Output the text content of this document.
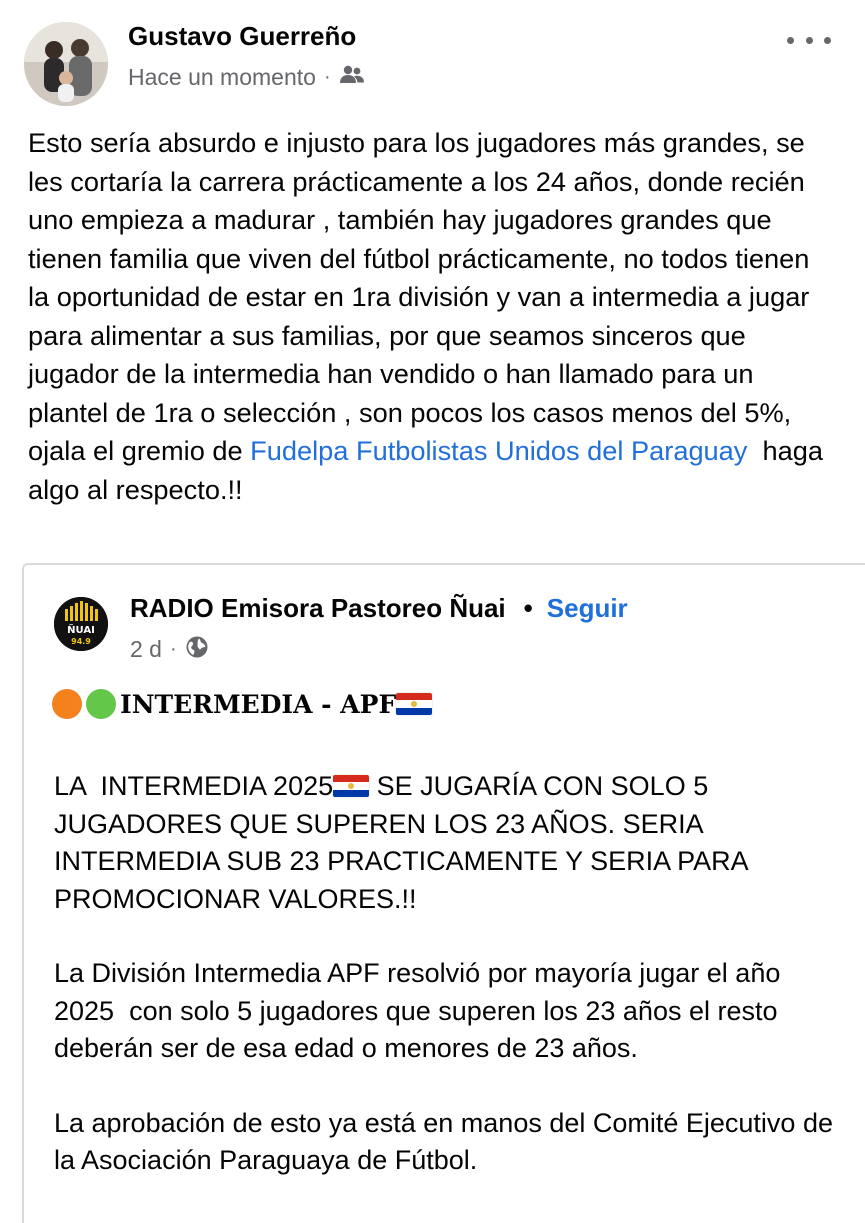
Gustavo Guerreño
Hace un momento ·
Esto sería absurdo e injusto para los jugadores más grandes, se les cortaría la carrera prácticamente a los 24 años, donde recién uno empieza a madurar , también hay jugadores grandes que tienen familia que viven del fútbol prácticamente, no todos tienen la oportunidad de estar en 1ra división y van a intermedia a jugar para alimentar a sus familias, por que seamos sinceros que jugador de la intermedia han vendido o han llamado para un plantel de 1ra o selección , son pocos los casos menos del 5%, ojala el gremio de Fudelpa Futbolistas Unidos del Paraguay  haga algo al respecto.!!
ÑUAI
94.9
RADIO Emisora Pastoreo Ñuai • Seguir
2 d ·
INTERMEDIA - APF

LA  INTERMEDIA 2025
SE JUGARÍA CON SOLO 5 JUGADORES QUE SUPEREN LOS 23 AÑOS. SERIA INTERMEDIA SUB 23 PRACTICAMENTE Y SERIA PARA PROMOCIONAR VALORES.!!

La División Intermedia APF resolvió por mayoría jugar el año 2025  con solo 5 jugadores que superen los 23 años el resto deberán ser de esa edad o menores de 23 años.

La aprobación de esto ya está en manos del Comité Ejecutivo de la Asociación Paraguaya de Fútbol.
